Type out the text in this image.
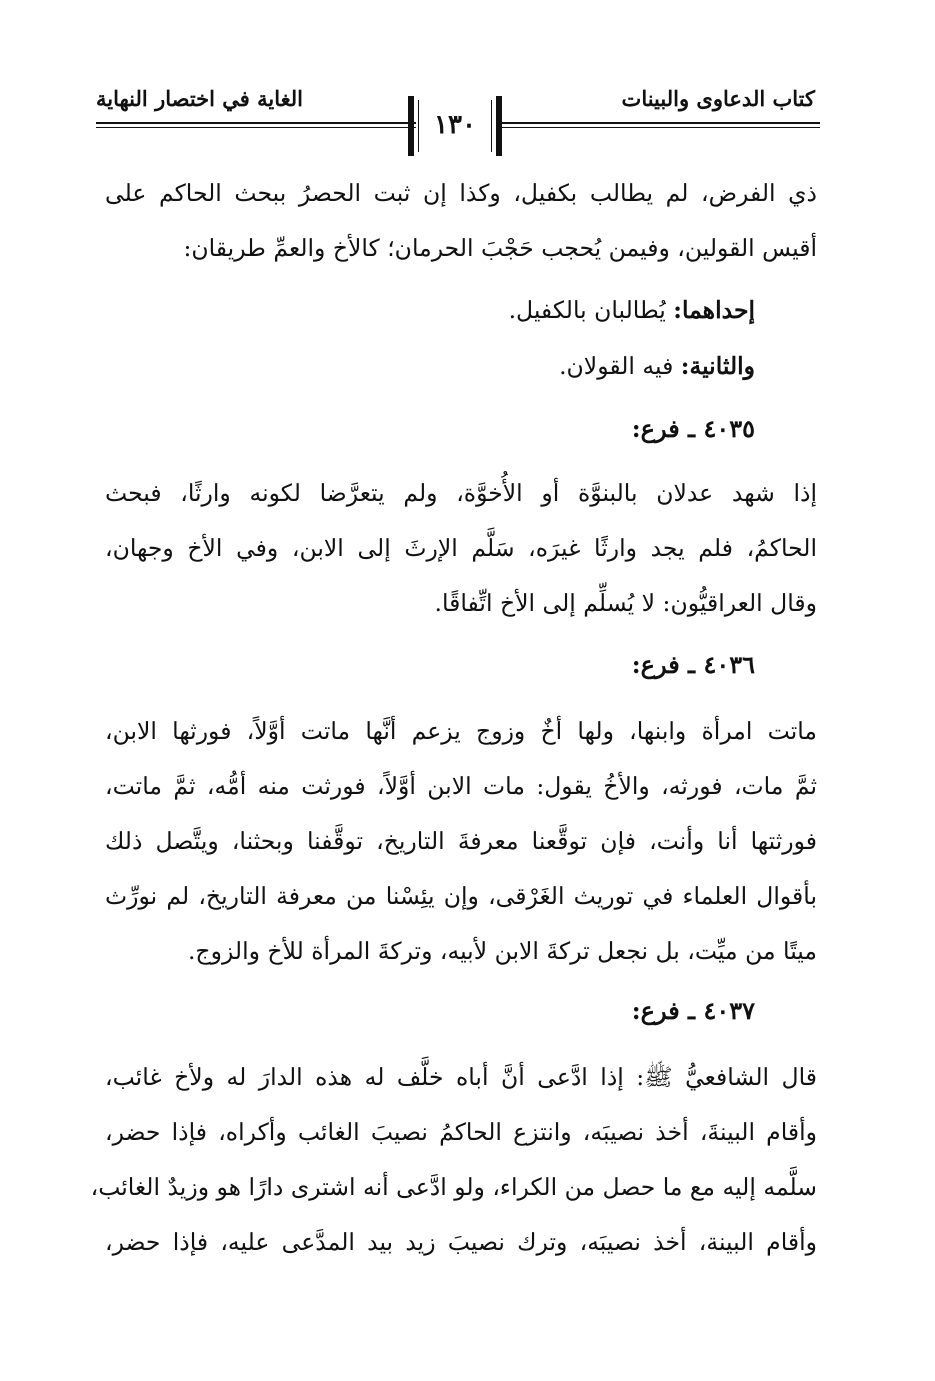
كتاب الدعاوى والبينات
الغاية في اختصار النهاية
١٣٠
ذي الفرض، لم يطالب بكفيل، وكذا إن ثبت الحصرُ ببحث الحاكم على
أقيس القولين، وفيمن يُحجب حَجْبَ الحرمان؛ كالأخ والعمِّ طريقان:
إحداهما: يُطالبان بالكفيل.
والثانية: فيه القولان.
٤٠٣٥ ـ فرع:
إذا شهد عدلان بالبنوَّة أو الأُخوَّة، ولم يتعرَّضا لكونه وارثًا، فبحث
الحاكمُ، فلم يجد وارثًا غيرَه، سَلَّم الإرثَ إلى الابن، وفي الأخ وجهان،
وقال العراقيُّون: لا يُسلِّم إلى الأخ اتِّفاقًا.
٤٠٣٦ ـ فرع:
ماتت امرأة وابنها، ولها أخٌ وزوج يزعم أنَّها ماتت أوَّلاً، فورثها الابن،
ثمَّ مات، فورثه، والأخُ يقول: مات الابن أوَّلاً، فورثت منه أمُّه، ثمَّ ماتت،
فورثتها أنا وأنت، فإن توقَّعنا معرفةَ التاريخ، توقَّفنا وبحثنا، ويتَّصل ذلك
بأقوال العلماء في توريث الغَرْقى، وإن يئِسْنا من معرفة التاريخ، لم نورِّث
ميتًا من ميِّت، بل نجعل تركةَ الابن لأبيه، وتركةَ المرأة للأخ والزوج.
٤٠٣٧ ـ فرع:
قال الشافعيُّ ﷺ: إذا ادَّعى أنَّ أباه خلَّف له هذه الدارَ له ولأخ غائب،
وأقام البينةَ، أخذ نصيبَه، وانتزع الحاكمُ نصيبَ الغائب وأكراه، فإذا حضر،
سلَّمه إليه مع ما حصل من الكراء، ولو ادَّعى أنه اشترى دارًا هو وزيدٌ الغائب،
وأقام البينة، أخذ نصيبَه، وترك نصيبَ زيد بيد المدَّعى عليه، فإذا حضر،
